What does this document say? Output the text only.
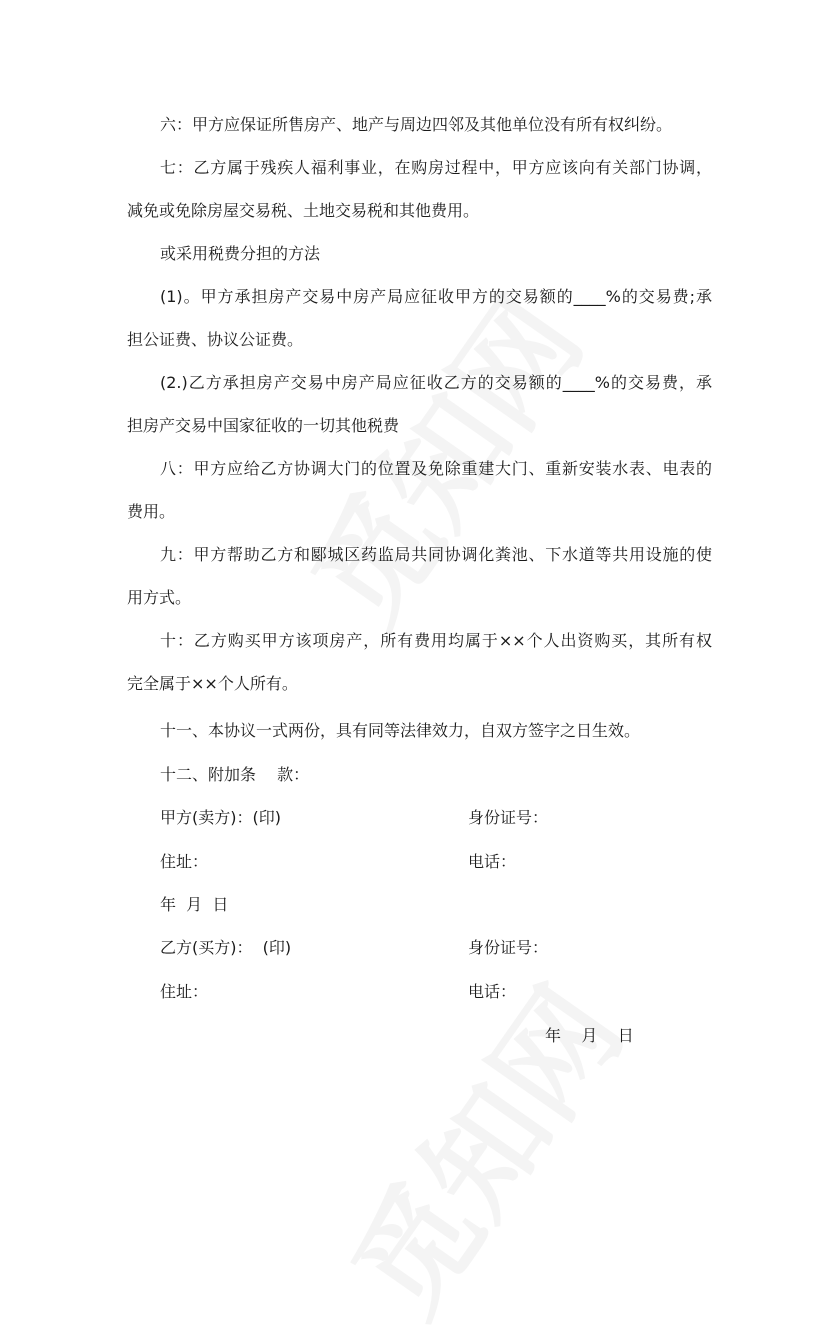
六：甲方应保证所售房产、地产与周边四邻及其他单位没有所有权纠纷。
七：乙方属于残疾人福利事业，在购房过程中，甲方应该向有关部门协调，
减免或免除房屋交易税、土地交易税和其他费用。
或采用税费分担的方法
(1)。甲方承担房产交易中房产局应征收甲方的交易额的____%的交易费;承
担公证费、协议公证费。
(2.)乙方承担房产交易中房产局应征收乙方的交易额的____%的交易费，承
担房产交易中国家征收的一切其他税费
八：甲方应给乙方协调大门的位置及免除重建大门、重新安装水表、电表的
费用。
九：甲方帮助乙方和郾城区药监局共同协调化粪池、下水道等共用设施的使
用方式。
十：乙方购买甲方该项房产，所有费用均属于××个人出资购买，其所有权
完全属于××个人所有。
十一、本协议一式两份，具有同等法律效力，自双方签字之日生效。
十二、附加条　 款：
甲方(卖方)：(印)	身份证号：
住址：	电话：
年  月  日
乙方(买方)：  (印)	身份证号：
住址：	电话：
年    月    日
